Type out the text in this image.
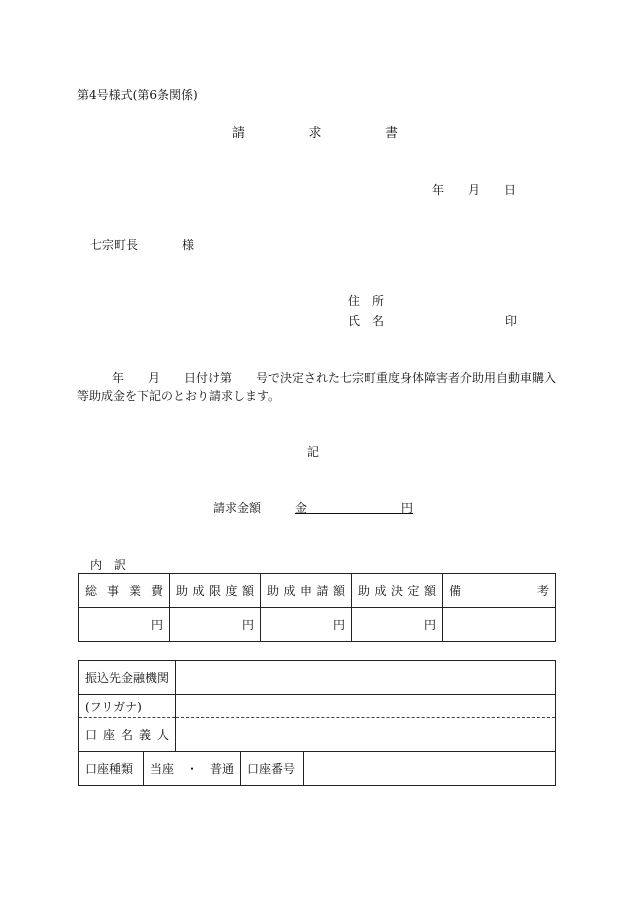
第4号様式(第6条関係)
請	求	書
年 月 日
七宗町長	様
住　所
氏　名	印
年　　月　　日付け第　　号で決定された七宗町重度身体障害者介助用自動車購入
等助成金を下記のとおり請求します。
記
請求金額	金	円
内　訳
総 事 業 費	助 成 限 度 額	助 成 申 請 額	助 成 決 定 額	備 考

円	円	円	円	
振込先金融機関	
(フリガナ)	

口 座 名 義 人	

口座種類 当座　・　普通 口座番号	
